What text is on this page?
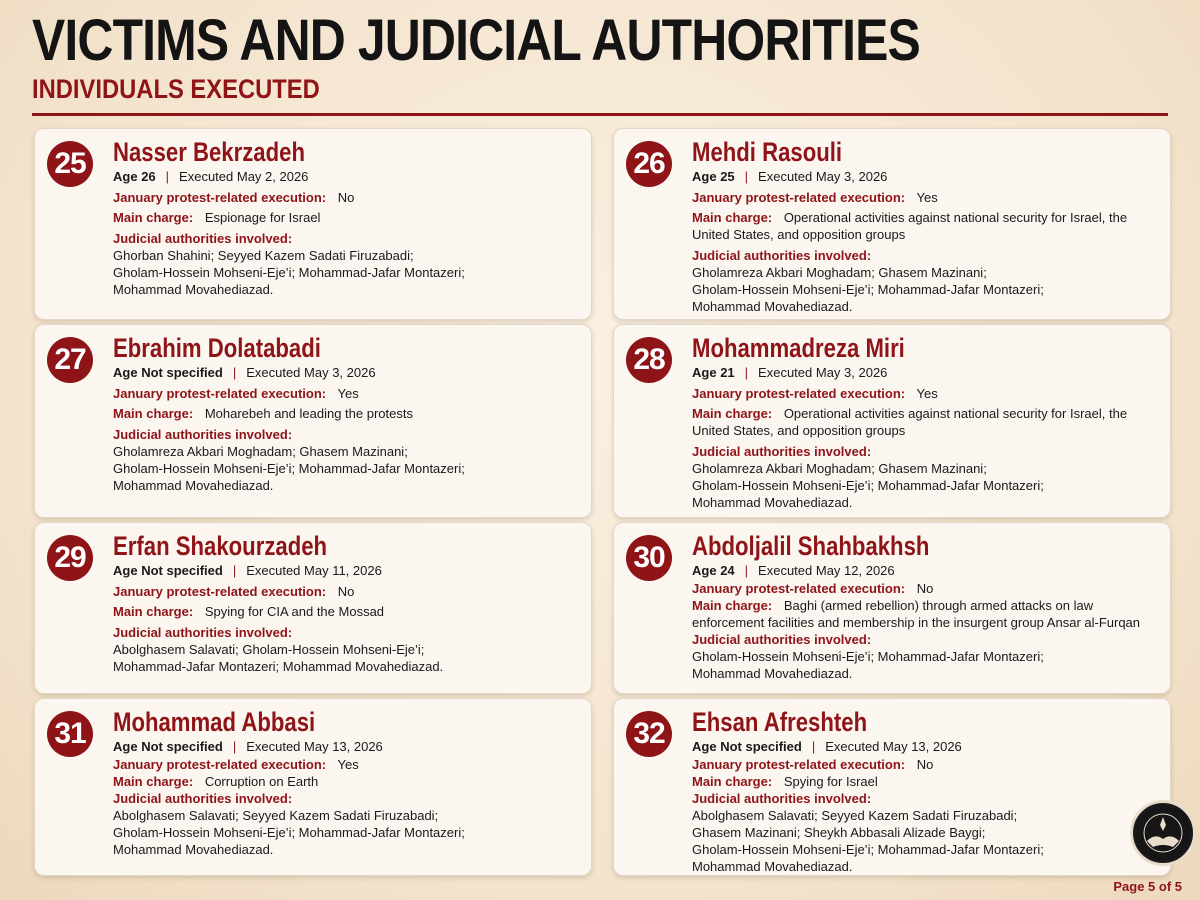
VICTIMS AND JUDICIAL AUTHORITIES
INDIVIDUALS EXECUTED
25 Nasser Bekrzadeh
Age 26 | Executed May 2, 2026
January protest-related execution: No
Main charge: Espionage for Israel
Judicial authorities involved:
Ghorban Shahini; Seyyed Kazem Sadati Firuzabadi;
Gholam-Hossein Mohseni-Eje’i; Mohammad-Jafar Montazeri;
Mohammad Movahediazad.
26 Mehdi Rasouli
Age 25 | Executed May 3, 2026
January protest-related execution: Yes
Main charge: Operational activities against national security for Israel, the United States, and opposition groups
Judicial authorities involved:
Gholamreza Akbari Moghadam; Ghasem Mazinani;
Gholam-Hossein Mohseni-Eje’i; Mohammad-Jafar Montazeri;
Mohammad Movahediazad.
27 Ebrahim Dolatabadi
Age Not specified | Executed May 3, 2026
January protest-related execution: Yes
Main charge: Moharebeh and leading the protests
Judicial authorities involved:
Gholamreza Akbari Moghadam; Ghasem Mazinani;
Gholam-Hossein Mohseni-Eje’i; Mohammad-Jafar Montazeri;
Mohammad Movahediazad.
28 Mohammadreza Miri
Age 21 | Executed May 3, 2026
January protest-related execution: Yes
Main charge: Operational activities against national security for Israel, the United States, and opposition groups
Judicial authorities involved:
Gholamreza Akbari Moghadam; Ghasem Mazinani;
Gholam-Hossein Mohseni-Eje’i; Mohammad-Jafar Montazeri;
Mohammad Movahediazad.
29 Erfan Shakourzadeh
Age Not specified | Executed May 11, 2026
January protest-related execution: No
Main charge: Spying for CIA and the Mossad
Judicial authorities involved:
Abolghasem Salavati; Gholam-Hossein Mohseni-Eje’i;
Mohammad-Jafar Montazeri; Mohammad Movahediazad.
30 Abdoljalil Shahbakhsh
Age 24 | Executed May 12, 2026
January protest-related execution: No
Main charge: Baghi (armed rebellion) through armed attacks on law enforcement facilities and membership in the insurgent group Ansar al-Furqan
Judicial authorities involved:
Gholam-Hossein Mohseni-Eje’i; Mohammad-Jafar Montazeri;
Mohammad Movahediazad.
31 Mohammad Abbasi
Age Not specified | Executed May 13, 2026
January protest-related execution: Yes
Main charge: Corruption on Earth
Judicial authorities involved:
Abolghasem Salavati; Seyyed Kazem Sadati Firuzabadi;
Gholam-Hossein Mohseni-Eje’i; Mohammad-Jafar Montazeri;
Mohammad Movahediazad.
32 Ehsan Afreshteh
Age Not specified | Executed May 13, 2026
January protest-related execution: No
Main charge: Spying for Israel
Judicial authorities involved:
Abolghasem Salavati; Seyyed Kazem Sadati Firuzabadi;
Ghasem Mazinani; Sheykh Abbasali Alizade Baygi;
Gholam-Hossein Mohseni-Eje’i; Mohammad-Jafar Montazeri;
Mohammad Movahediazad.
Page 5 of 5
